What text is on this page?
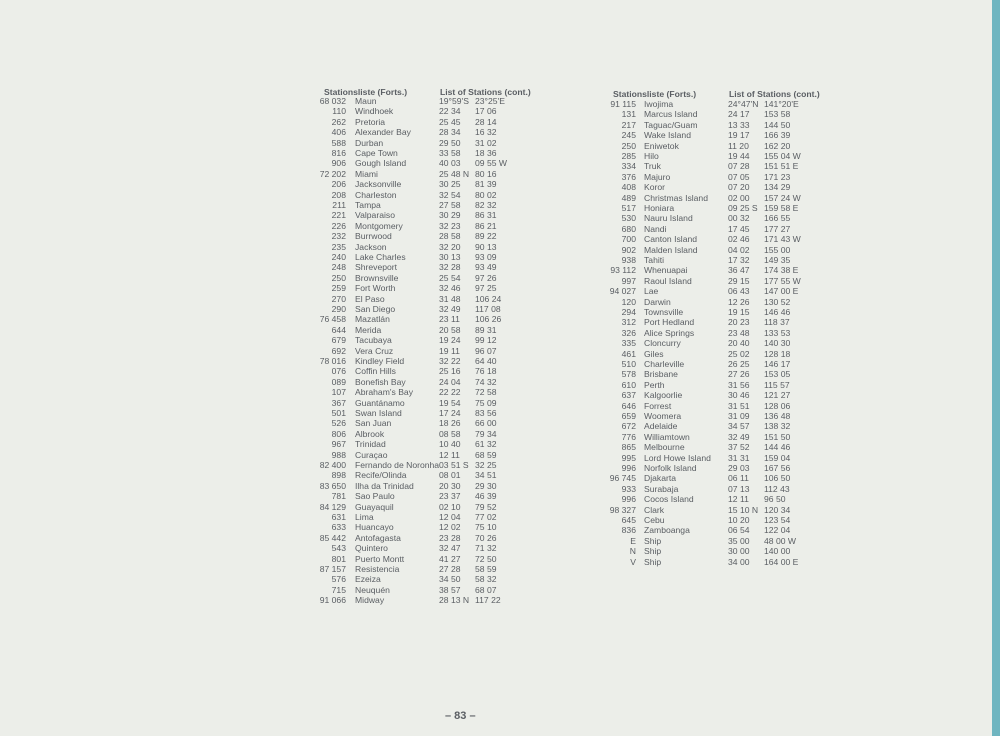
Stationsliste (Forts.)	List of Stations (cont.)
68 032 Maun	19°59'S 23°25'E
110 Windhoek	22 34 17 06
262 Pretoria	25 45 28 14
406 Alexander Bay	28 34 16 32
588 Durban	29 50 31 02
816 Cape Town	33 58 18 36
906 Gough Island	40 03 09 55 W
72 202 Miami	25 48 N 80 16
206 Jacksonville	30 25 81 39
208 Charleston	32 54 80 02
211 Tampa	27 58 82 32
221 Valparaiso	30 29 86 31
226 Montgomery	32 23 86 21
232 Burrwood	28 58 89 22
235 Jackson	32 20 90 13
240 Lake Charles	30 13 93 09
248 Shreveport	32 28 93 49
250 Brownsville	25 54 97 26
259 Fort Worth	32 46 97 25
270 El Paso	31 48 106 24
290 San Diego	32 49 117 08
76 458 Mazatlán	23 11 106 26
644 Merida	20 58 89 31
679 Tacubaya	19 24 99 12
692 Vera Cruz	19 11 96 07
78 016 Kindley Field	32 22 64 40
076 Coffin Hills	25 16 76 18
089 Bonefish Bay	24 04 74 32
107 Abraham's Bay	22 22 72 58
367 Guantánamo	19 54 75 09
501 Swan Island	17 24 83 56
526 San Juan	18 26 66 00
806 Albrook	08 58 79 34
967 Trinidad	10 40 61 32
988 Curaçao	12 11 68 59
82 400 Fernando de Noronha 03 51 S 32 25
898 Recife/Olinda	08 01 34 51
83 650 Ilha da Trinidad	20 30 29 30
781 Sao Paulo	23 37 46 39
84 129 Guayaquil	02 10 79 52
631 Lima	12 04 77 02
633 Huancayo	12 02 75 10
85 442 Antofagasta	23 28 70 26
543 Quintero	32 47 71 32
801 Puerto Montt	41 27 72 50
87 157 Resistencia	27 28 58 59
576 Ezeiza	34 50 58 32
715 Neuquén	38 57 68 07
91 066 Midway	28 13 N 117 22
Stationsliste (Forts.)	List of Stations (cont.)
91 115 Iwojima	24°47'N 141°20'E
131 Marcus Island	24 17 153 58
217 Taguac/Guam	13 33 144 50
245 Wake Island	19 17 166 39
250 Eniwetok	11 20 162 20
285 Hilo	19 44 155 04 W
334 Truk	07 28 151 51 E
376 Majuro	07 05 171 23
408 Koror	07 20 134 29
489 Christmas Island 02 00 157 24 W
517 Honiara	09 25 S 159 58 E
530 Nauru Island	00 32 166 55
680 Nandi	17 45 177 27
700 Canton Island	02 46 171 43 W
902 Malden Island	04 02 155 00
938 Tahiti	17 32 149 35
93 112 Whenuapai	36 47 174 38 E
997 Raoul Island	29 15 177 55 W
94 027 Lae	06 43 147 00 E
120 Darwin	12 26 130 52
294 Townsville	19 15 146 46
312 Port Hedland	20 23 118 37
326 Alice Springs	23 48 133 53
335 Cloncurry	20 40 140 30
461 Giles	25 02 128 18
510 Charleville	26 25 146 17
578 Brisbane	27 26 153 05
610 Perth	31 56 115 57
637 Kalgoorlie	30 46 121 27
646 Forrest	31 51 128 06
659 Woomera	31 09 136 48
672 Adelaide	34 57 138 32
776 Williamtown	32 49 151 50
865 Melbourne	37 52 144 46
995 Lord Howe Island 31 31 159 04
996 Norfolk Island	29 03 167 56
96 745 Djakarta	06 11 106 50
933 Surabaja	07 13 112 43
996 Cocos Island	12 11 96 50
98 327 Clark	15 10 N 120 34
645 Cebu	10 20 123 54
836 Zamboanga	06 54 122 04
E Ship	35 00 48 00 W
N Ship	30 00 140 00
V Ship	34 00 164 00 E
– 83 –
